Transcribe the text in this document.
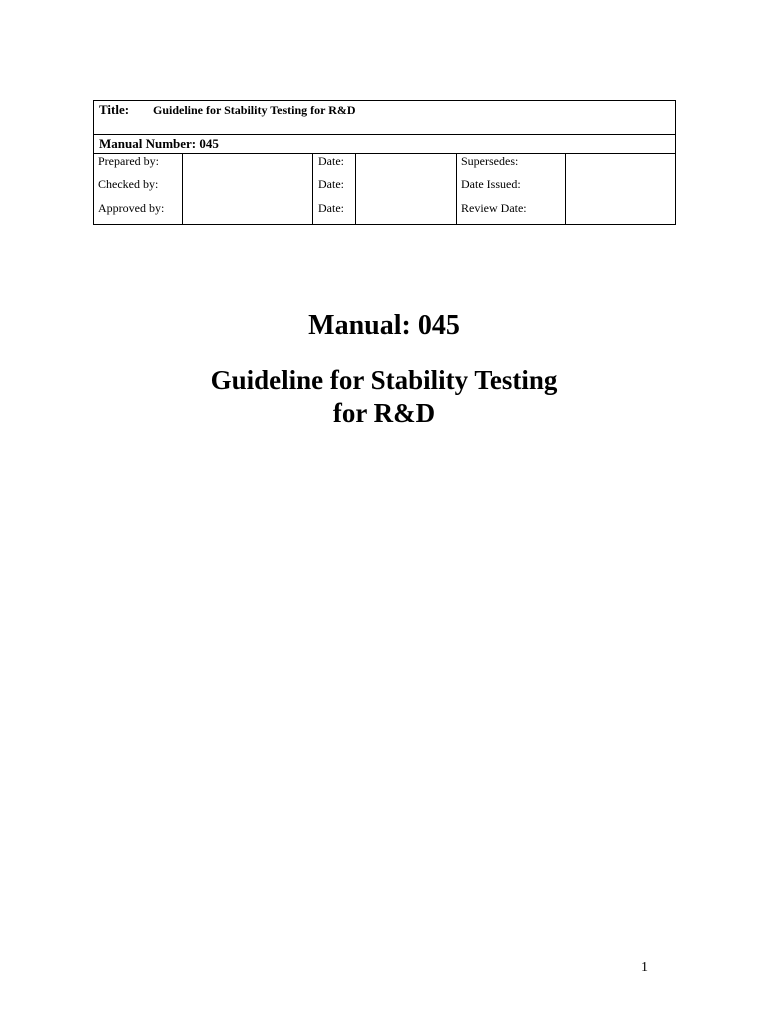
Title: Guideline for Stability Testing for R&D
Manual Number: 045
Prepared by:	Date:	Supersedes:
Checked by:	Date:	Date Issued:
Approved by:	Date:	Review Date:
Manual: 045
Guideline for Stability Testing
for R&D
1
